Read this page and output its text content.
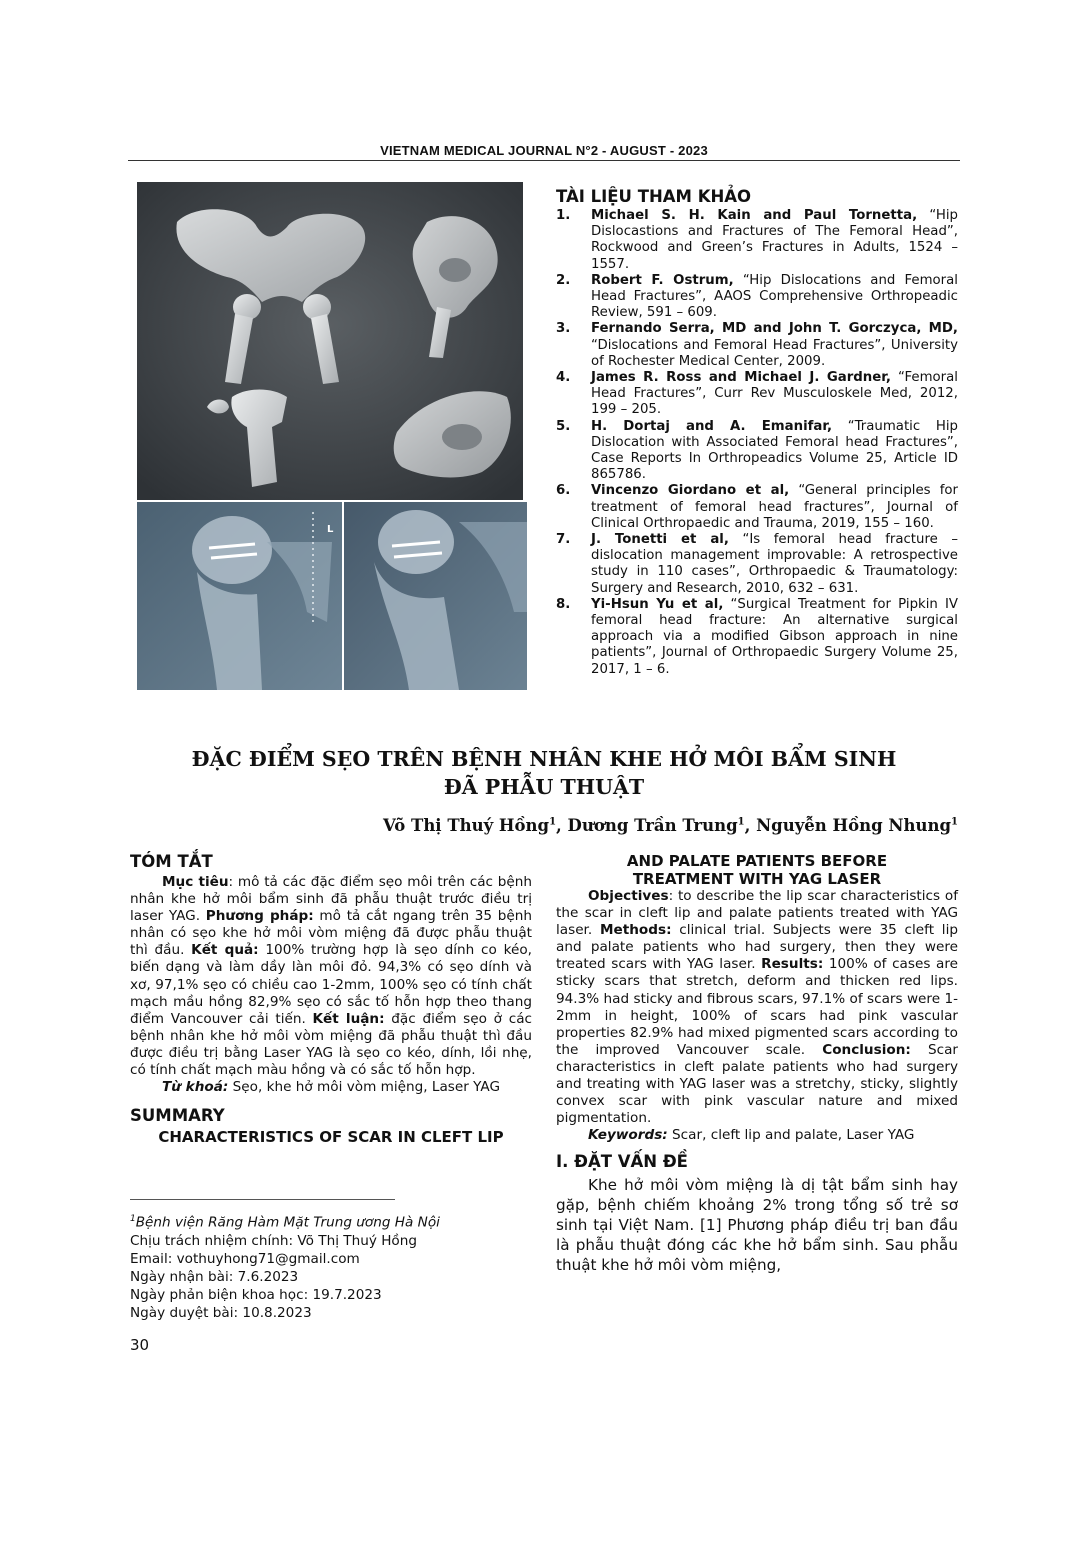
VIETNAM MEDICAL JOURNAL N°2 - AUGUST - 2023
L
TÀI LIỆU THAM KHẢO
1. Michael S. H. Kain and Paul Tornetta, “Hip Dislocastions and Fractures of The Femoral Head”, Rockwood and Green’s Fractures in Adults, 1524 – 1557.
2. Robert F. Ostrum, “Hip Dislocations and Femoral Head Fractures”, AAOS Comprehensive Orthropeadic Review, 591 – 609.
3. Fernando Serra, MD and John T. Gorczyca, MD, “Dislocations and Femoral Head Fractures”, University of Rochester Medical Center, 2009.
4. James R. Ross and Michael J. Gardner, “Femoral Head Fractures”, Curr Rev Musculoskele Med, 2012, 199 – 205.
5. H. Dortaj and A. Emanifar, “Traumatic Hip Dislocation with Associated Femoral head Fractures”, Case Reports In Orthropeadics Volume 25, Article ID 865786.
6. Vincenzo Giordano et al, “General principles for treatment of femoral head fractures”, Journal of Clinical Orthropaedic and Trauma, 2019, 155 – 160.
7. J. Tonetti et al, “Is femoral head fracture – dislocation management improvable: A retrospective study in 110 cases”, Orthropaedic & Traumatology: Surgery and Research, 2010, 632 – 631.
8. Yi-Hsun Yu et al, “Surgical Treatment for Pipkin IV femoral head fracture: An alternative surgical approach via a modified Gibson approach in nine patients”, Journal of Orthropaedic Surgery Volume 25, 2017, 1 – 6.
ĐẶC ĐIỂM SẸO TRÊN BỆNH NHÂN KHE HỞ MÔI BẨM SINH
ĐÃ PHẪU THUẬT
Võ Thị Thuý Hồng$^1$, Dương Trần Trung$^1$, Nguyễn Hồng Nhung$^1$
TÓM TẮT
Mục tiêu: mô tả các đặc điểm sẹo môi trên các bệnh nhân khe hở môi bẩm sinh đã phẫu thuật trước điều trị laser YAG. Phương pháp: mô tả cắt ngang trên 35 bệnh nhân có sẹo khe hở môi vòm miệng đã được phẫu thuật thì đầu. Kết quả: 100% trường hợp là sẹo dính co kéo, biến dạng và làm dầy làn môi đỏ. 94,3% có sẹo dính và xơ, 97,1% sẹo có chiều cao 1-2mm, 100% sẹo có tính chất mạch mầu hồng 82,9% sẹo có sắc tố hỗn hợp theo thang điểm Vancouver cải tiến. Kết luận: đặc điểm sẹo ở các bệnh nhân khe hở môi vòm miệng đã phẫu thuật thì đầu được điều trị bằng Laser YAG là sẹo co kéo, dính, lồi nhẹ, có tính chất mạch màu hồng và có sắc tố hỗn hợp.
Từ khoá: Sẹo, khe hở môi vòm miệng, Laser YAG
SUMMARY
CHARACTERISTICS OF SCAR IN CLEFT LIP
$^1$Bệnh viện Răng Hàm Mặt Trung ương Hà Nội
Chịu trách nhiệm chính: Võ Thị Thuý Hồng
Email: vothuyhong71@gmail.com
Ngày nhận bài: 7.6.2023
Ngày phản biện khoa học: 19.7.2023
Ngày duyệt bài: 10.8.2023
30
AND PALATE PATIENTS BEFORE
TREATMENT WITH YAG LASER
Objectives: to describe the lip scar characteristics of the scar in cleft lip and palate patients treated with YAG laser. Methods: clinical trial. Subjects were 35 cleft lip and palate patients who had surgery, then they were treated scars with YAG laser. Results: 100% of cases are sticky scars that stretch, deform and thicken red lips. 94.3% had sticky and fibrous scars, 97.1% of scars were 1-2mm in height, 100% of scars had pink vascular properties 82.9% had mixed pigmented scars according to the improved Vancouver scale. Conclusion: Scar characteristics in cleft palate patients who had surgery and treating with YAG laser was a stretchy, sticky, slightly convex scar with pink vascular nature and mixed pigmentation.
Keywords: Scar, cleft lip and palate, Laser YAG
I. ĐẶT VẤN ĐỀ
Khe hở môi vòm miệng là dị tật bẩm sinh hay gặp, bệnh chiếm khoảng 2% trong tổng số trẻ sơ sinh tại Việt Nam. [1] Phương pháp điều trị ban đầu là phẫu thuật đóng các khe hở bẩm sinh. Sau phẫu thuật khe hở môi vòm miệng,
